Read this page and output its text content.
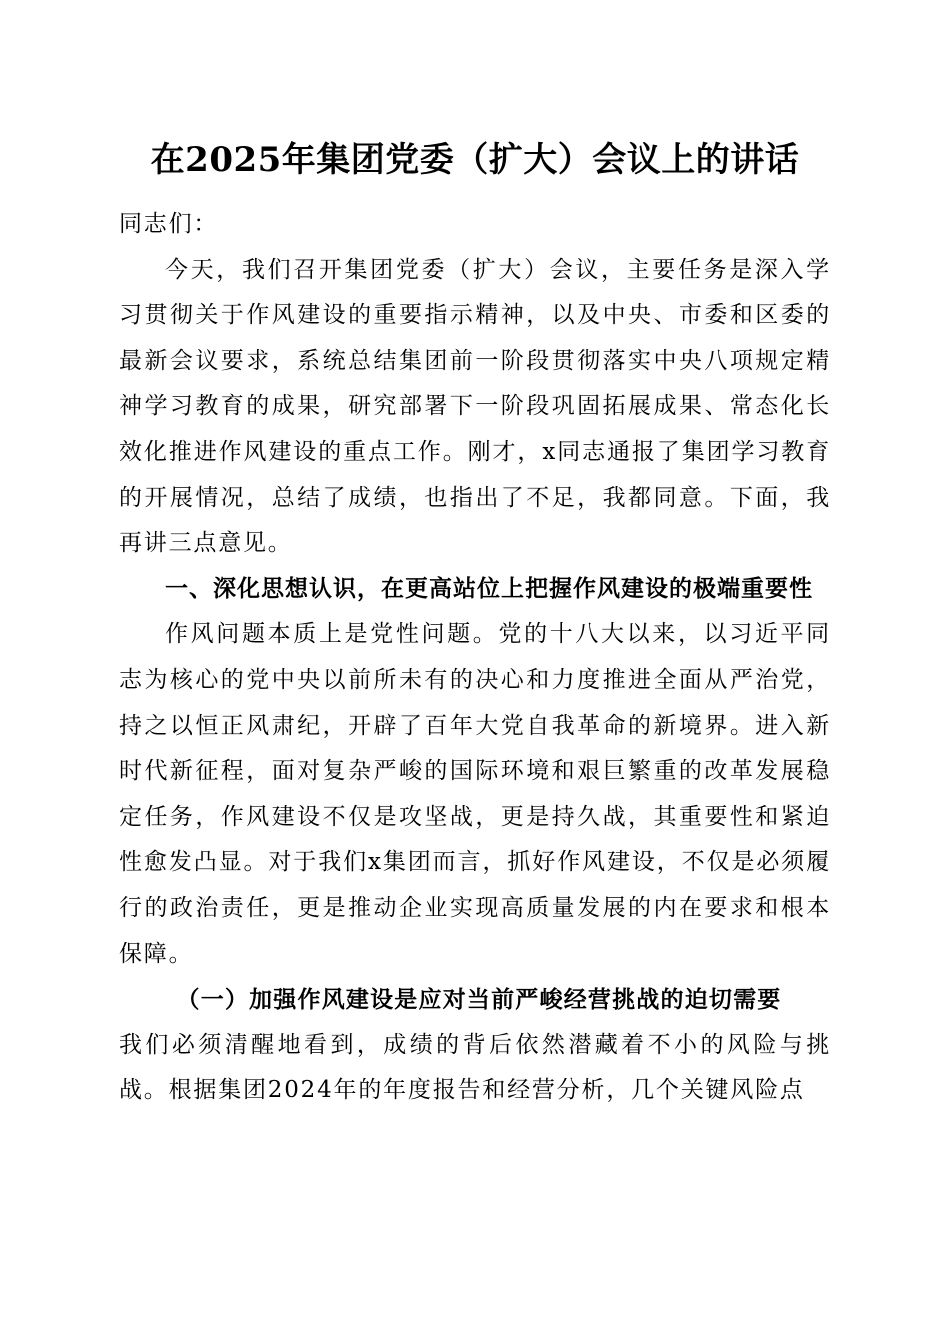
在2025年集团党委（扩大）会议上的讲话

同志们：

今天，我们召开集团党委（扩大）会议，主要任务是深入学习贯彻关于作风建设的重要指示精神，以及中央、市委和区委的最新会议要求，系统总结集团前一阶段贯彻落实中央八项规定精神学习教育的成果，研究部署下一阶段巩固拓展成果、常态化长效化推进作风建设的重点工作。刚才，x同志通报了集团学习教育的开展情况，总结了成绩，也指出了不足，我都同意。下面，我再讲三点意见。

一、深化思想认识，在更高站位上把握作风建设的极端重要性

作风问题本质上是党性问题。党的十八大以来，以习近平同志为核心的党中央以前所未有的决心和力度推进全面从严治党，持之以恒正风肃纪，开辟了百年大党自我革命的新境界。进入新时代新征程，面对复杂严峻的国际环境和艰巨繁重的改革发展稳定任务，作风建设不仅是攻坚战，更是持久战，其重要性和紧迫性愈发凸显。对于我们x集团而言，抓好作风建设，不仅是必须履行的政治责任，更是推动企业实现高质量发展的内在要求和根本保障。

（一）加强作风建设是应对当前严峻经营挑战的迫切需要

我们必须清醒地看到，成绩的背后依然潜藏着不小的风险与挑战。根据集团2024年的年度报告和经营分析，几个关键风险点
